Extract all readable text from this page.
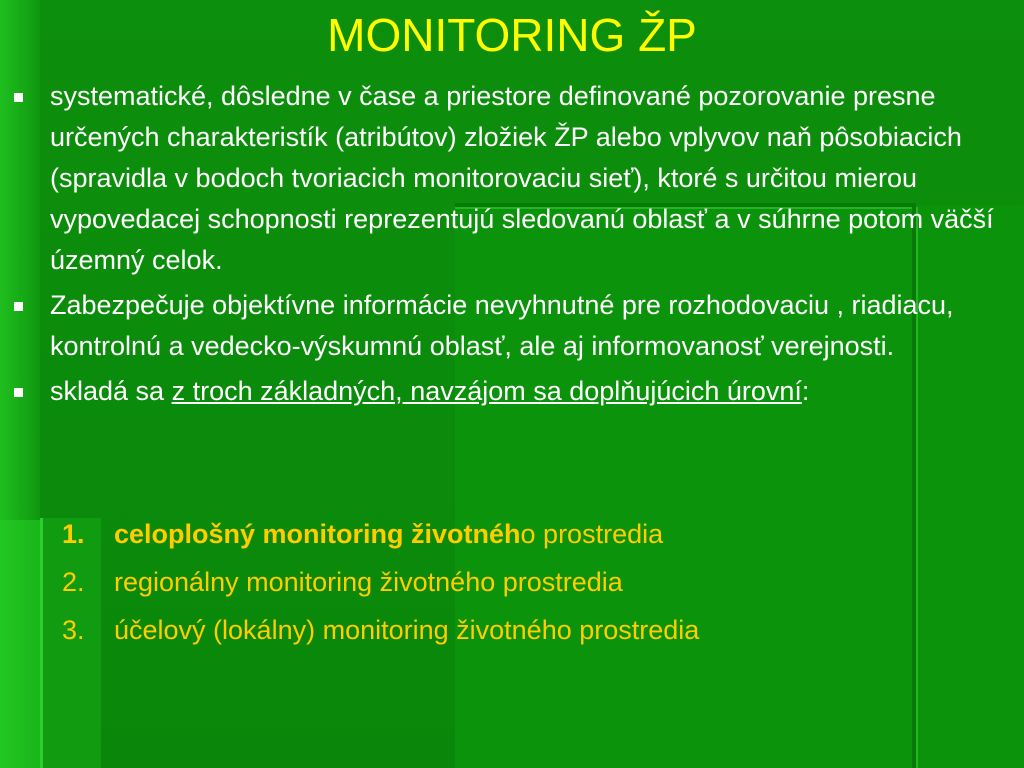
MONITORING ŽP
systematické, dôsledne v čase a priestore definované pozorovanie presne určených charakteristík (atribútov) zložiek ŽP alebo vplyvov naň pôsobiacich (spravidla v bodoch tvoriacich monitorovaciu sieť), ktoré s určitou mierou vypovedacej schopnosti reprezentujú sledovanú oblasť a v súhrne potom väčší územný celok.
Zabezpečuje objektívne informácie nevyhnutné pre rozhodovaciu , riadiacu, kontrolnú a vedecko-výskumnú oblasť, ale aj informovanosť verejnosti.
skladá sa z troch základných, navzájom sa doplňujúcich úrovní:
1. celoplošný monitoring životného prostredia
2. regionálny monitoring životného prostredia
3. účelový (lokálny) monitoring životného prostredia
